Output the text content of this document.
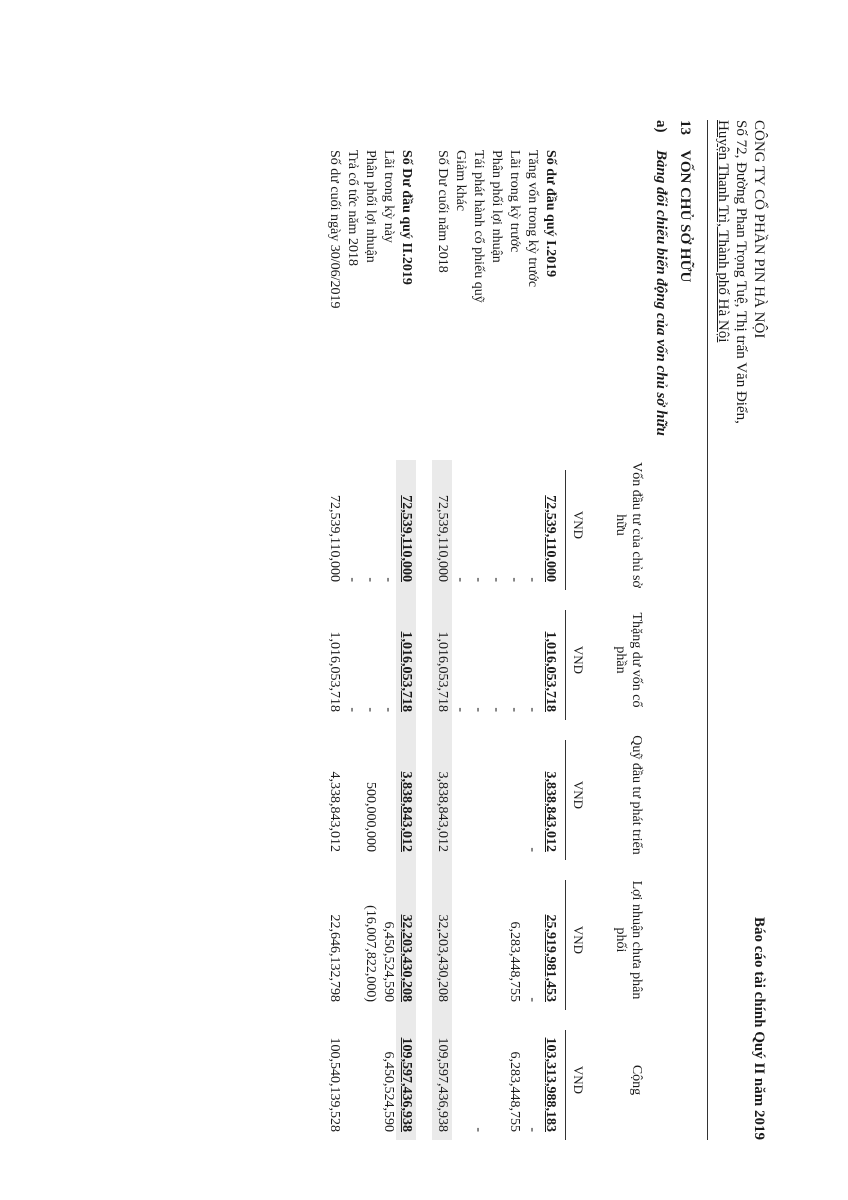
CÔNG TY CỔ PHẦN PIN HÀ NỘI
Số 72, Đường Phan Trọng Tuệ, Thị trấn Văn Điển,
Huyện Thanh Trì, Thành phố Hà Nội
Báo cáo tài chính Quý II năm 2019
13VỐN CHỦ SỞ HỮU
a)Bảng đối chiếu biến động của vốn chủ sở hữu
Vốn đầu tư của chủ sở hữu
VND
Thặng dư vốn cổ phần
VND
Quỹ đầu tư phát triển
VND
Lợi nhuận chưa phân phối
VND
Cộng
VND
Số dư đầu quý I.2019
72,539,110,000
1,016,053,718
3,838,843,012
25,919,981,453
103,313,988,183
Tăng vốn trong kỳ trước
-
-
-
-
-
Lãi trong kỳ trước
-
-
6,283,448,755
6,283,448,755
Phân phối lợi nhuận
-
-
Tái phát hành cổ phiếu quỹ
-
-
-
Giảm khác
-
-
Số Dư cuối năm 2018
72,539,110,000
1,016,053,718
3,838,843,012
32,203,430,208
109,597,436,938
Số Dư đầu quý II.2019
72,539,110,000
1,016,053,718
3,838,843,012
32,203,430,208
109,597,436,938
Lãi trong kỳ này
-
-
6,450,524,590
6,450,524,590
Phân phối lợi nhuận
-
-
500,000,000
(16,007,822,000)
Trả cổ tức năm 2018
-
-
Số dư cuối ngày 30/06/2019
72,539,110,000
1,016,053,718
4,338,843,012
22,646,132,798
100,540,139,528
